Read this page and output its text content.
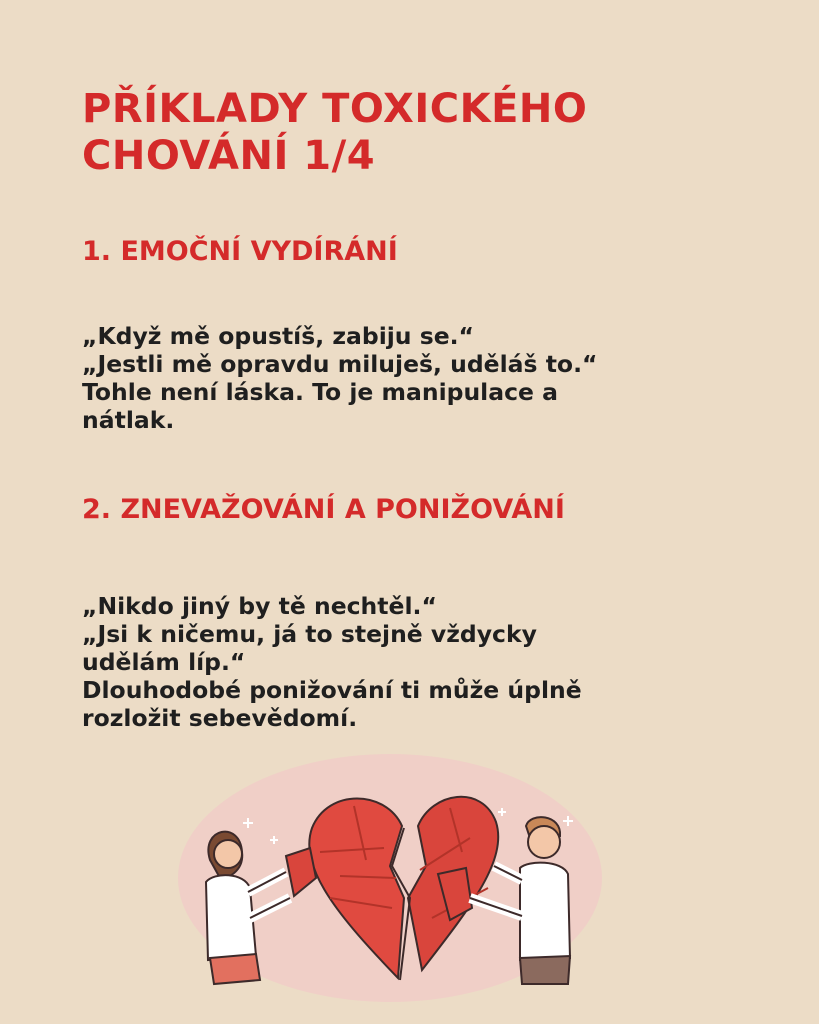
PŘÍKLADY TOXICKÉHO
CHOVÁNÍ 1/4
1. EMOČNÍ VYDÍRÁNÍ

„Když mě opustíš, zabiju se.“
„Jestli mě opravdu miluješ, uděláš to.“
Tohle není láska. To je manipulace a
nátlak.

2. ZNEVAŽOVÁNÍ A PONIŽOVÁNÍ

„Nikdo jiný by tě nechtěl.“
„Jsi k ničemu, já to stejně vždycky
udělám líp.“
Dlouhodobé ponižování ti může úplně
rozložit sebevědomí.
